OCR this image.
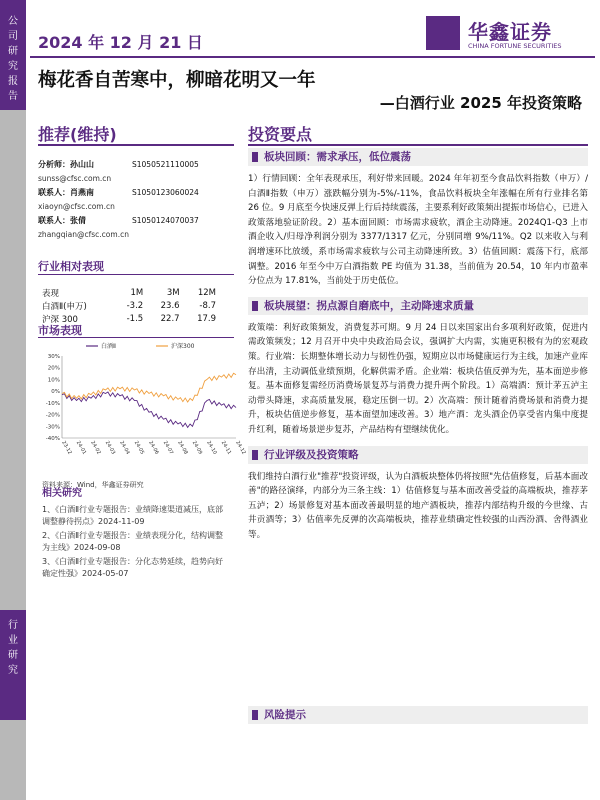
公
司
研
究
报
告
行
业
研
究
2024 年 12 月 21 日	华鑫证券
CHINA FORTUNE SECURITIES
梅花香自苦寒中，柳暗花明又一年
—白酒行业 2025 年投资策略
推荐(维持)	投资要点
分析师：孙山山	S1050521110005
sunss@cfsc.com.cn
联系人：肖燕南	S1050123060024
xiaoyn@cfsc.com.cn
联系人：张倩	S1050124070037
zhangqian@cfsc.com.cn
行业相对表现
表现	1M	3M	12M
白酒Ⅱ(申万)	-3.2	23.6	-8.7
沪深 300	-1.5	22.7	17.9
市场表现
30%
20%
10%
0%
-10%
-20%
-30%
-40%
23-12 24-01 24-02 24-03 24-04 24-05 24-06 24-07 24-08 24-09 24-10 24-11 24-12
白酒Ⅱ	沪深300
资料来源：Wind，华鑫证券研究
相关研究

1、《白酒Ⅱ行业专题报告：业绩降速渠道减压，底部调整静待拐点》2024-11-09

2、《白酒Ⅱ行业专题报告：业绩表现分化，结构调整为主线》2024-09-08

3、《白酒Ⅱ行业专题报告：分化态势延续，趋势向好确定性强》2024-05-07

板块回顾：需求承压，低位震荡
1）行情回顾：全年表现承压，利好带来回暖。2024 年年初至今食品饮料指数（申万）/白酒Ⅱ指数（申万）涨跌幅分别为-5%/-11%，食品饮料板块全年涨幅在所有行业排名第 26 位。9 月底至今快速反弹上行后持续震荡，主要系利好政策频出提振市场信心，已进入政策落地验证阶段。2）基本面回顾：市场需求疲软，酒企主动降速。2024Q1-Q3 上市酒企收入/归母净利润分别为 3377/1317 亿元，分别同增 9%/11%。Q2 以来收入与利润增速环比放缓，系市场需求疲软与公司主动降速所致。3）估值回顾：震荡下行，底部调整。2016 年至今中万白酒指数 PE 均值为 31.38，当前值为 20.54，10 年内市盈率分位点为 17.81%，当前处于历史低位。
板块展望：拐点源自磨底中，主动降速求质量
政策端：利好政策频发，消费复苏可期。9 月 24 日以来国家出台多项利好政策，促进内需政策频发；12 月召开中央中央政治局会议，强调扩大内需，实施更积极有为的宏观政策。行业端：长期整体增长动力与韧性仍强，短期应以市场健康运行为主线，加速产业库存出清，主动调低业绩预期，化解供需矛盾。企业端：板块估值反弹为先，基本面逆步修复。基本面修复需经历消费场景复苏与消费力提升两个阶段。1）高端酒：预计茅五泸主动带头降速，求高质量发展，稳定压倒一切。2）次高端：预计随着消费场景和消费力提升，板块估值逆步修复，基本面望加速改善。3）地产酒：龙头酒企仍享受省内集中度提升红利，随着场景逆步复苏，产品结构有望继续优化。
行业评级及投资策略
我们维持白酒行业"推荐"投资评级，认为白酒板块整体仍将按照"先估值修复，后基本面改善"的路径演绎，内部分为三条主线：1）估值修复与基本面改善受益的高端板块，推荐茅五泸；2）场景修复对基本面改善最明显的地产酒板块，推荐内部结构升级的今世缘、古井贡酒等；3）估值率先反弹的次高端板块，推荐业绩确定性较强的山西汾酒、舍得酒业等。
风险提示
